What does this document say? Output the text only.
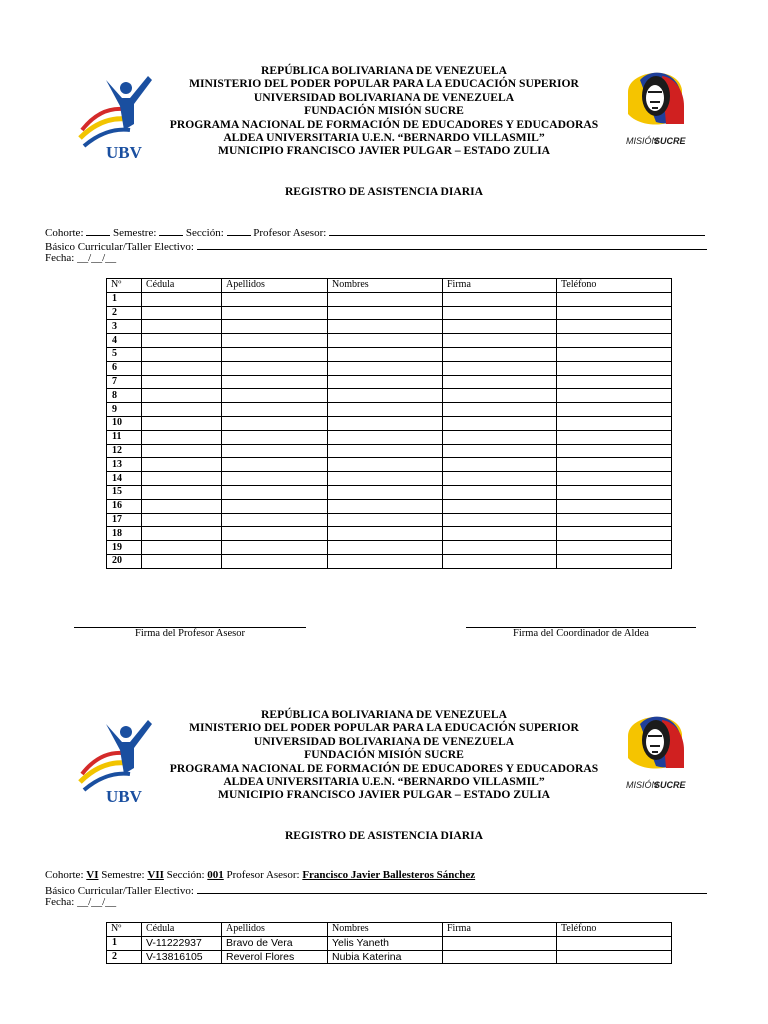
UBV
REPÚBLICA BOLIVARIANA DE VENEZUELA
MINISTERIO DEL PODER POPULAR PARA LA EDUCACIÓN SUPERIOR
UNIVERSIDAD BOLIVARIANA DE VENEZUELA
FUNDACIÓN MISIÓN SUCRE
PROGRAMA NACIONAL DE FORMACIÓN DE EDUCADORES Y EDUCADORAS
ALDEA UNIVERSITARIA U.E.N. “BERNARDO VILLASMIL”
MUNICIPIO FRANCISCO JAVIER PULGAR – ESTADO ZULIA
MISIÓN
SUCRE
REGISTRO DE ASISTENCIA DIARIA
Cohorte:  Semestre:  Sección:  Profesor Asesor:
Básico Curricular/Taller Electivo:
Fecha: __/__/__
Nº	Cédula	Apellidos	Nombres	Firma	Teléfono
1					
2					
3					
4					
5					
6					
7					
8					
9					
10					
11					
12					
13					
14					
15					
16					
17					
18					
19					
20					
Firma del Profesor Asesor	Firma del Coordinador de Aldea
UBV
REPÚBLICA BOLIVARIANA DE VENEZUELA
MINISTERIO DEL PODER POPULAR PARA LA EDUCACIÓN SUPERIOR
UNIVERSIDAD BOLIVARIANA DE VENEZUELA
FUNDACIÓN MISIÓN SUCRE
PROGRAMA NACIONAL DE FORMACIÓN DE EDUCADORES Y EDUCADORAS
ALDEA UNIVERSITARIA U.E.N. “BERNARDO VILLASMIL”
MUNICIPIO FRANCISCO JAVIER PULGAR – ESTADO ZULIA
MISIÓN
SUCRE
REGISTRO DE ASISTENCIA DIARIA
Cohorte: VI Semestre: VII Sección: 001 Profesor Asesor: Francisco Javier Ballesteros Sánchez
Básico Curricular/Taller Electivo:
Fecha: __/__/__
Nº	Cédula	Apellidos	Nombres	Firma	Teléfono
1	V-11222937	Bravo de Vera	Yelis Yaneth		
2	V-13816105	Reverol Flores	Nubia Katerina		
